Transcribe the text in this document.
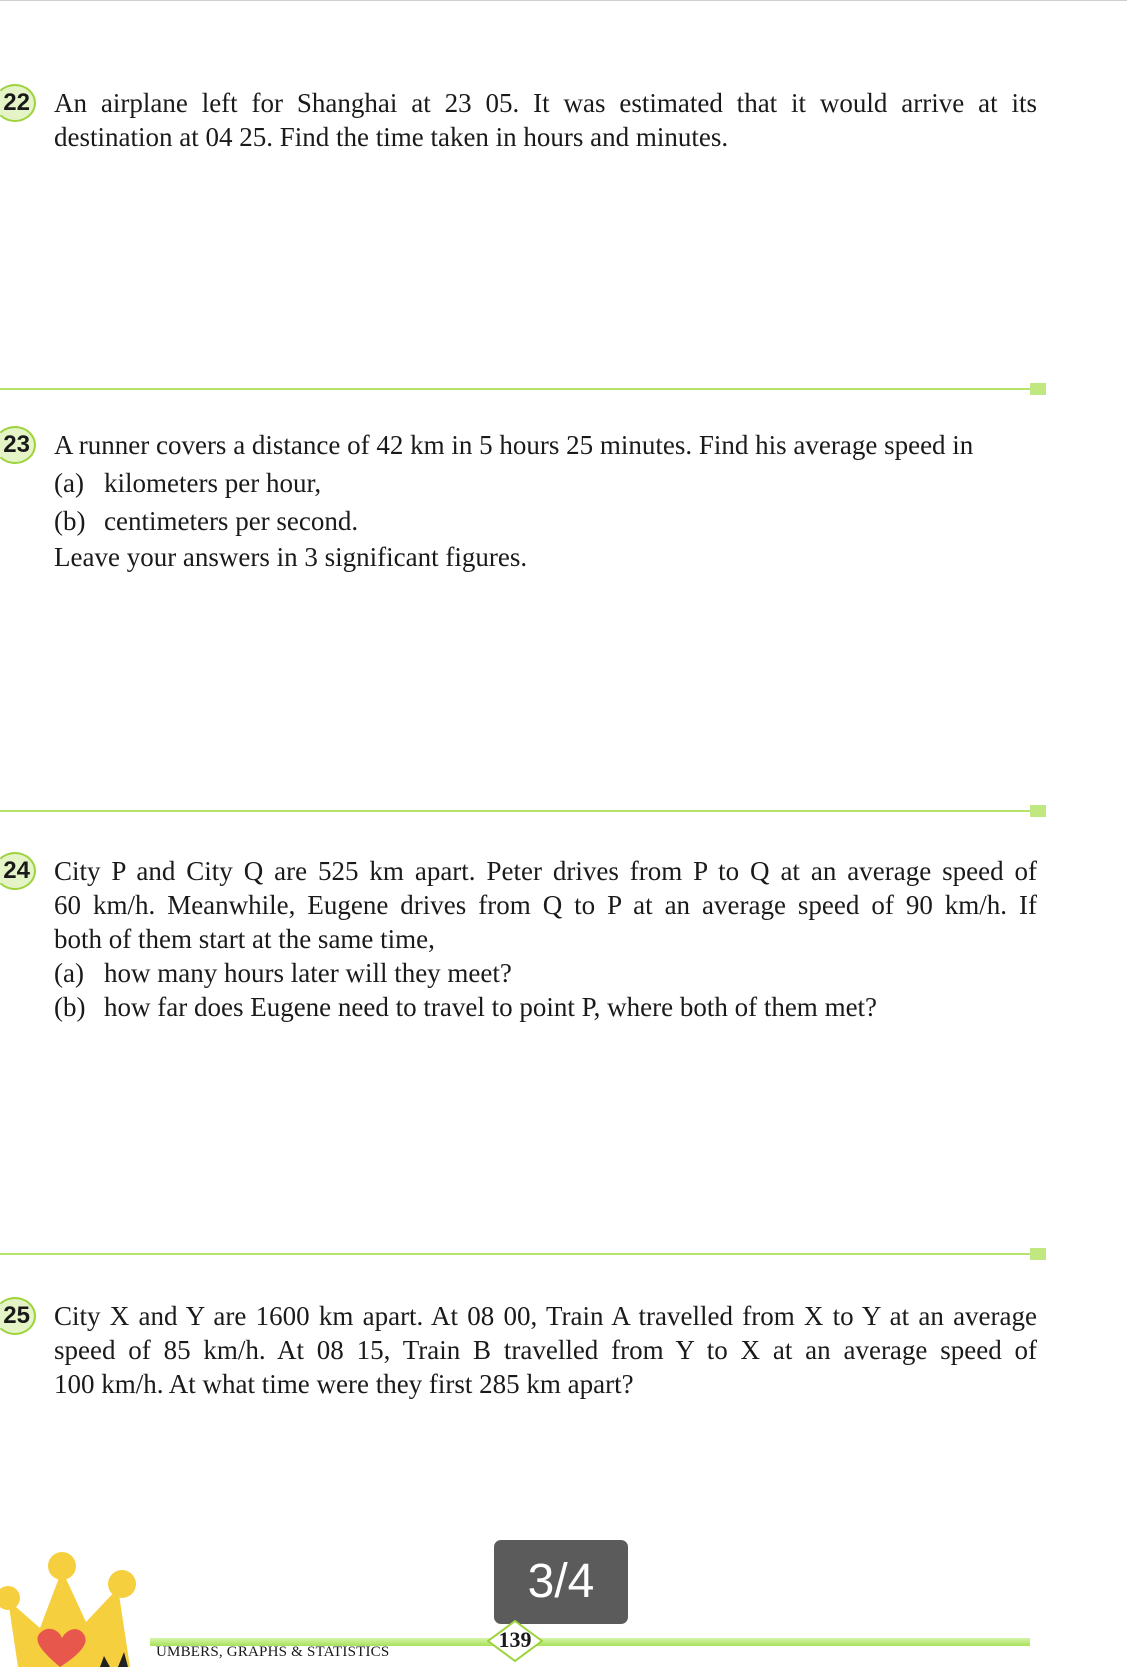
22 An airplane left for Shanghai at 23 05. It was estimated that it would arrive at its
destination at 04 25. Find the time taken in hours and minutes.
23 A runner covers a distance of 42 km in 5 hours 25 minutes. Find his average speed in
(a) kilometers per hour,
(b) centimeters per second.
Leave your answers in 3 significant figures.
24 City P and City Q are 525 km apart. Peter drives from P to Q at an average speed of
60 km/h. Meanwhile, Eugene drives from Q to P at an average speed of 90 km/h. If
both of them start at the same time,
(a) how many hours later will they meet?
(b) how far does Eugene need to travel to point P, where both of them met?
25 City X and Y are 1600 km apart. At 08 00, Train A travelled from X to Y at an average
speed of 85 km/h. At 08 15, Train B travelled from Y to X at an average speed of
100 km/h. At what time were they first 285 km apart?
3/4
139
UMBERS, GRAPHS & STATISTICS
